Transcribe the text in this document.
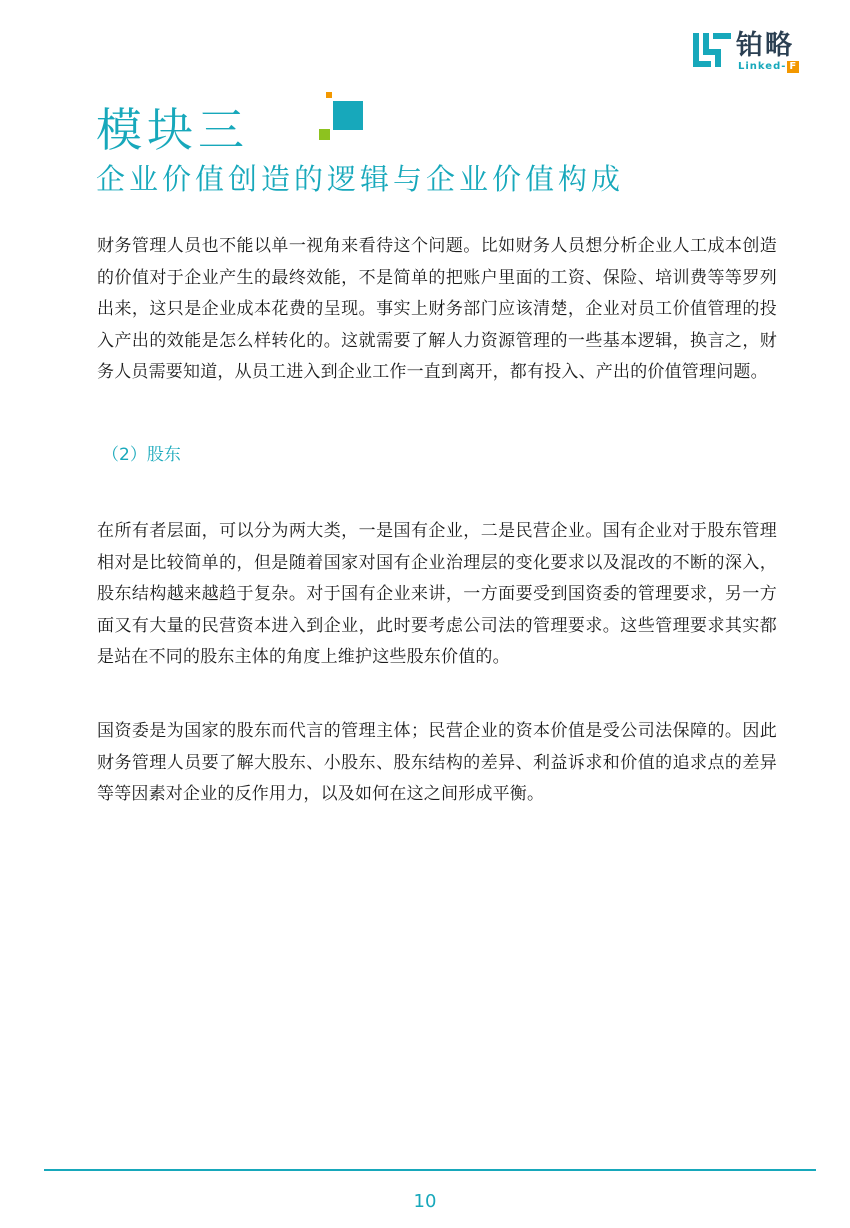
铂略
Linked- F
模块三
企业价值创造的逻辑与企业价值构成

财务管理人员也不能以单一视角来看待这个问题。比如财务人员想分析企业人工成本创造的价值对于企业产生的最终效能，不是简单的把账户里面的工资、保险、培训费等等罗列出来，这只是企业成本花费的呈现。事实上财务部门应该清楚，企业对员工价值管理的投入产出的效能是怎么样转化的。这就需要了解人力资源管理的一些基本逻辑，换言之，财务人员需要知道，从员工进入到企业工作一直到离开，都有投入、产出的价值管理问题。

（2）股东

在所有者层面，可以分为两大类，一是国有企业，二是民营企业。国有企业对于股东管理相对是比较简单的，但是随着国家对国有企业治理层的变化要求以及混改的不断的深入，股东结构越来越趋于复杂。对于国有企业来讲，一方面要受到国资委的管理要求，另一方面又有大量的民营资本进入到企业，此时要考虑公司法的管理要求。这些管理要求其实都是站在不同的股东主体的角度上维护这些股东价值的。

国资委是为国家的股东而代言的管理主体；民营企业的资本价值是受公司法保障的。因此财务管理人员要了解大股东、小股东、股东结构的差异、利益诉求和价值的追求点的差异等等因素对企业的反作用力，以及如何在这之间形成平衡。

10
